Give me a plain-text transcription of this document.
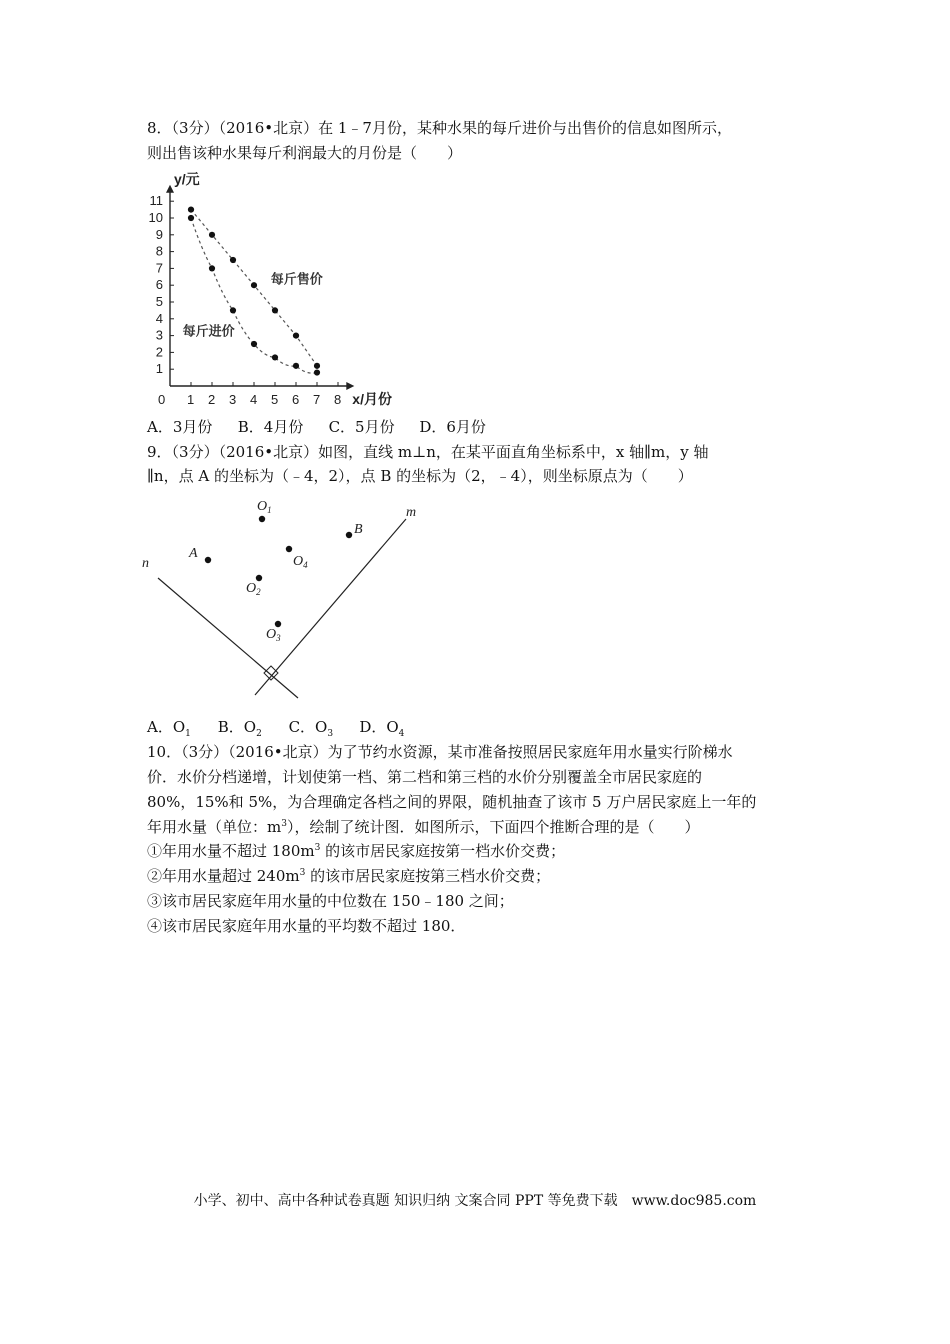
8．（3分）（2016•北京）在 1﹣7月份，某种水果的每斤进价与出售价的信息如图所示，
则出售该种水果每斤利润最大的月份是（　　）
0 1 2 3 4 5 6 7 8
1
2
3
4
5
6
7
8
9
10
11
y/元
x/月份
每斤售价
每斤进价
A．3月份 B．4月份 C．5月份 D．6月份
9．（3分）（2016•北京）如图，直线 m⊥n，在某平面直角坐标系中，x 轴∥m，y 轴
∥n，点 A 的坐标为（﹣4，2），点 B 的坐标为（2，﹣4），则坐标原点为（　　）
n
m
A
B
$O_1$
$O_4$
$O_2$
$O_3$
A．$O_1$ B．$O_2$ C．$O_3$ D．$O_4$
10．（3分）（2016•北京）为了节约水资源，某市准备按照居民家庭年用水量实行阶梯水
价．水价分档递增，计划使第一档、第二档和第三档的水价分别覆盖全市居民家庭的
80%，15%和 5%，为合理确定各档之间的界限，随机抽查了该市 5 万户居民家庭上一年的
年用水量（单位：$m^3$），绘制了统计图．如图所示，下面四个推断合理的是（　　）
①年用水量不超过 $180m^3$ 的该市居民家庭按第一档水价交费；
②年用水量超过 $240m^3$ 的该市居民家庭按第三档水价交费；
③该市居民家庭年用水量的中位数在 150﹣180 之间；
④该市居民家庭年用水量的平均数不超过 180．
小学、初中、高中各种试卷真题 知识归纳 文案合同 PPT 等免费下载　www.doc985.com
